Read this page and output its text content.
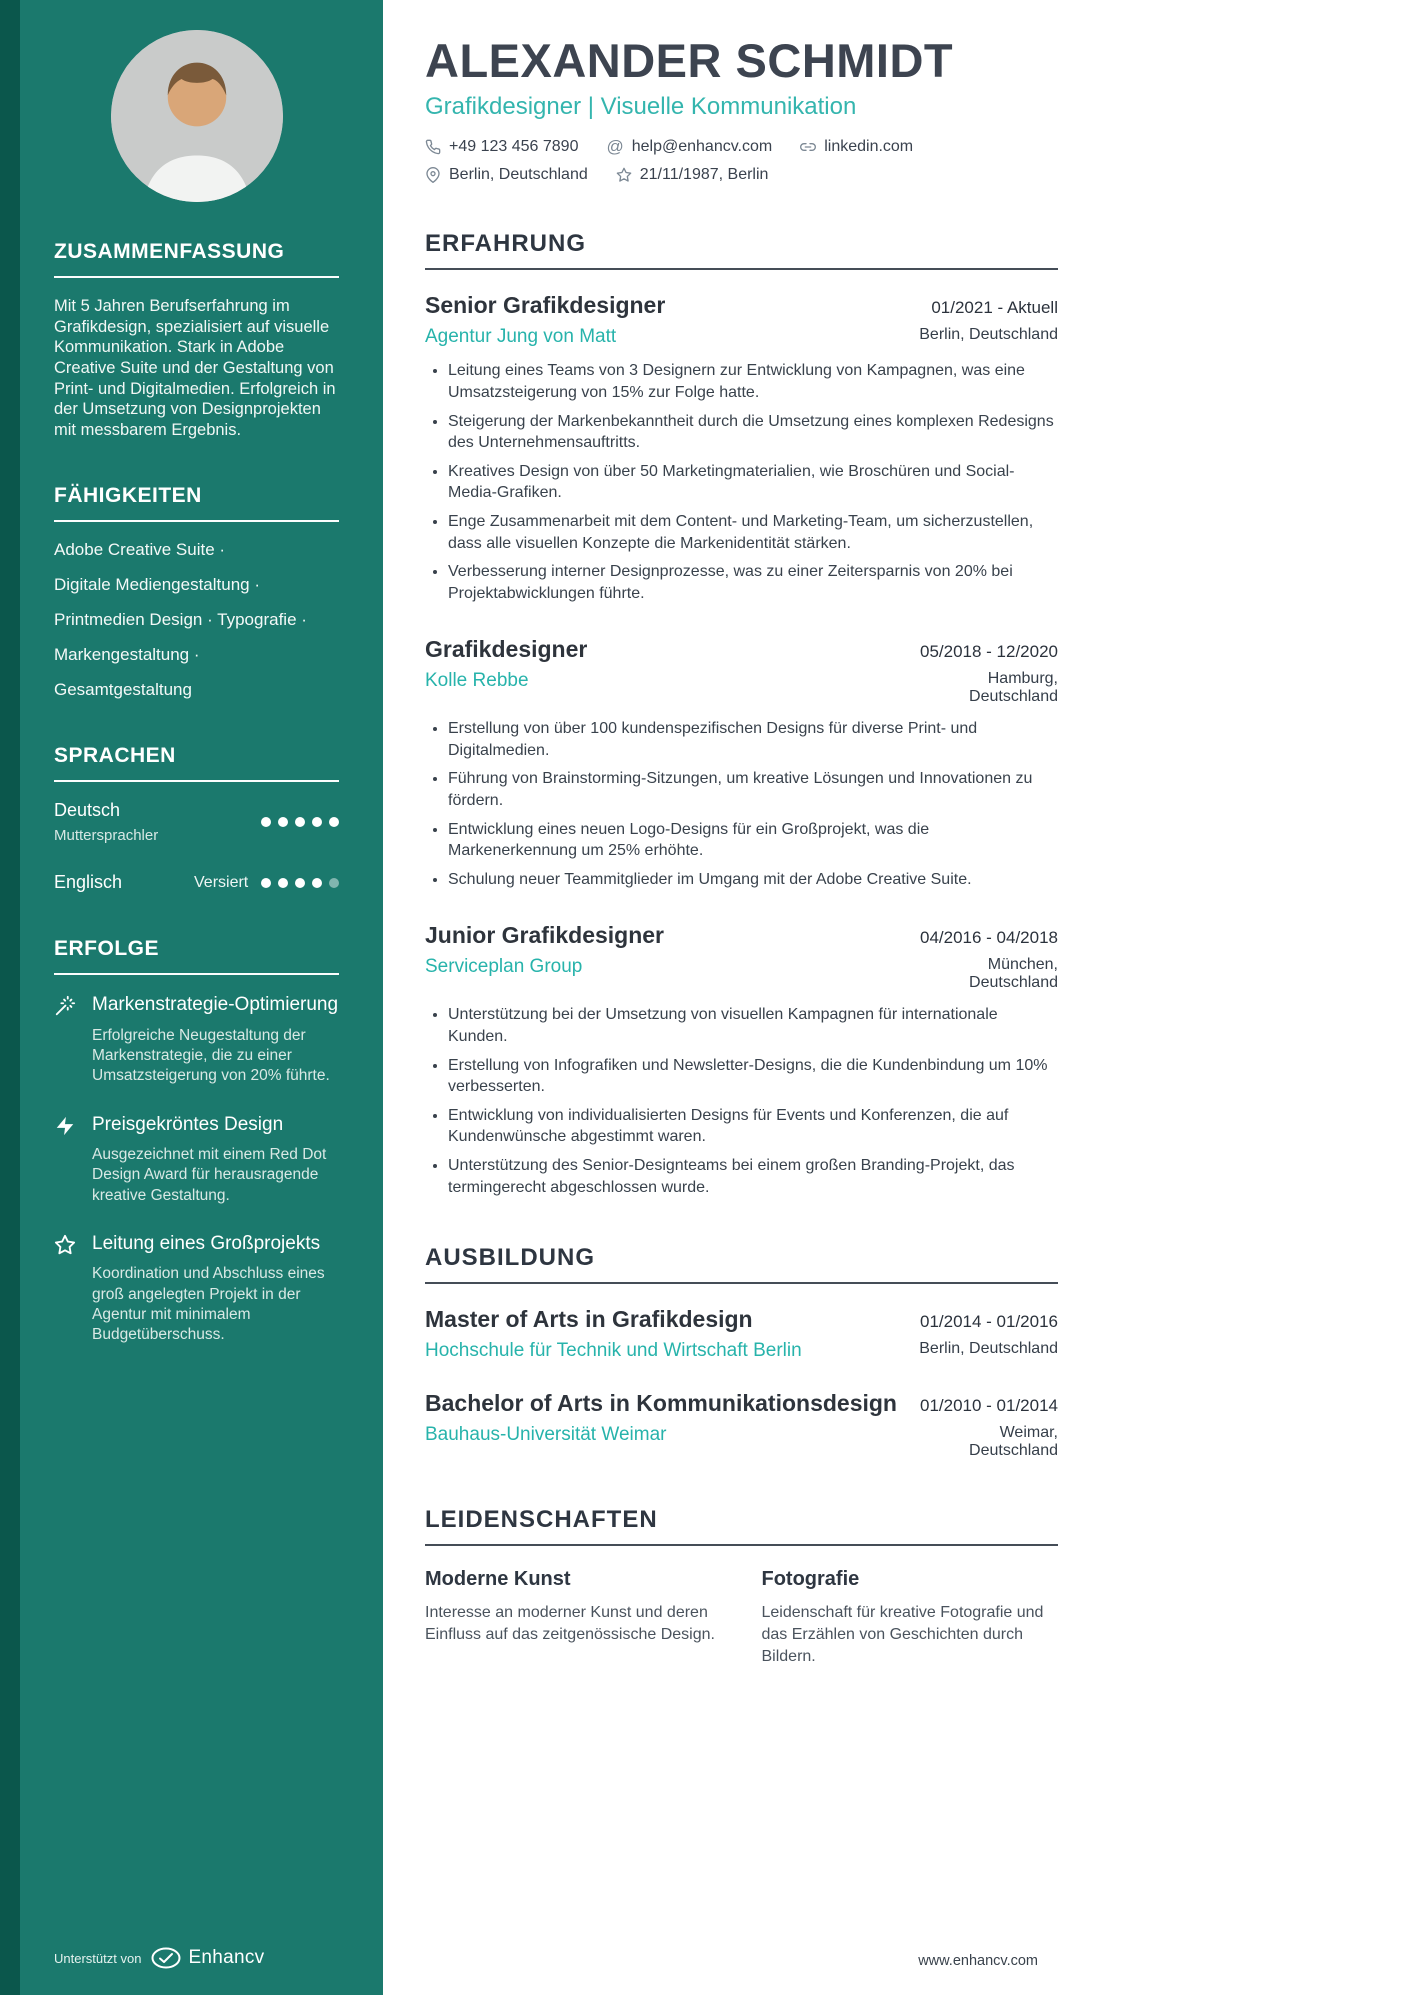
ZUSAMMENFASSUNG

Mit 5 Jahren Berufserfahrung im Grafikdesign, spezialisiert auf visuelle Kommunikation. Stark in Adobe Creative Suite und der Gestaltung von Print- und Digitalmedien. Erfolgreich in der Umsetzung von Designprojekten mit messbarem Ergebnis.

FÄHIGKEITEN
Adobe Creative Suite ·
Digitale Mediengestaltung ·
Printmedien Design · Typografie ·
Markengestaltung ·
Gesamtgestaltung
SPRACHEN
Deutsch
Muttersprachler
Englisch	Versiert
ERFOLGE
Markenstrategie-Optimierung

Erfolgreiche Neugestaltung der Markenstrategie, die zu einer Umsatzsteigerung von 20% führte.

Preisgekröntes Design

Ausgezeichnet mit einem Red Dot Design Award für herausragende kreative Gestaltung.

Leitung eines Großprojekts

Koordination und Abschluss eines groß angelegten Projekt in der Agentur mit minimalem Budgetüberschuss.

Unterstützt von Enhancv
ALEXANDER SCHMIDT
Grafikdesigner | Visuelle Kommunikation
+49 123 456 7890 @ help@enhancv.com	linkedin.com
Berlin, Deutschland	21/11/1987, Berlin
ERFAHRUNG
Senior Grafikdesigner	01/2021 - Aktuell
Agentur Jung von Matt	Berlin, Deutschland
• Leitung eines Teams von 3 Designern zur Entwicklung von Kampagnen, was eine Umsatzsteigerung von 15% zur Folge hatte.
• Steigerung der Markenbekanntheit durch die Umsetzung eines komplexen Redesigns des Unternehmensauftritts.
• Kreatives Design von über 50 Marketingmaterialien, wie Broschüren und Social-Media-Grafiken.
• Enge Zusammenarbeit mit dem Content- und Marketing-Team, um sicherzustellen, dass alle visuellen Konzepte die Markenidentität stärken.
• Verbesserung interner Designprozesse, was zu einer Zeitersparnis von 20% bei Projektabwicklungen führte.
Grafikdesigner	05/2018 - 12/2020
Kolle Rebbe	Hamburg, Deutschland
• Erstellung von über 100 kundenspezifischen Designs für diverse Print- und Digitalmedien.
• Führung von Brainstorming-Sitzungen, um kreative Lösungen und Innovationen zu fördern.
• Entwicklung eines neuen Logo-Designs für ein Großprojekt, was die Markenerkennung um 25% erhöhte.
• Schulung neuer Teammitglieder im Umgang mit der Adobe Creative Suite.
Junior Grafikdesigner	04/2016 - 04/2018
Serviceplan Group	München, Deutschland
• Unterstützung bei der Umsetzung von visuellen Kampagnen für internationale Kunden.
• Erstellung von Infografiken und Newsletter-Designs, die die Kundenbindung um 10% verbesserten.
• Entwicklung von individualisierten Designs für Events und Konferenzen, die auf Kundenwünsche abgestimmt waren.
• Unterstützung des Senior-Designteams bei einem großen Branding-Projekt, das termingerecht abgeschlossen wurde.
AUSBILDUNG
Master of Arts in Grafikdesign	01/2014 - 01/2016
Hochschule für Technik und Wirtschaft Berlin	Berlin, Deutschland
Bachelor of Arts in Kommunikationsdesign 01/2010 - 01/2014
Bauhaus-Universität Weimar	Weimar, Deutschland
LEIDENSCHAFTEN
Moderne Kunst

Interesse an moderner Kunst und deren Einfluss auf das zeitgenössische Design.

Fotografie

Leidenschaft für kreative Fotografie und das Erzählen von Geschichten durch Bildern.

www.enhancv.com
